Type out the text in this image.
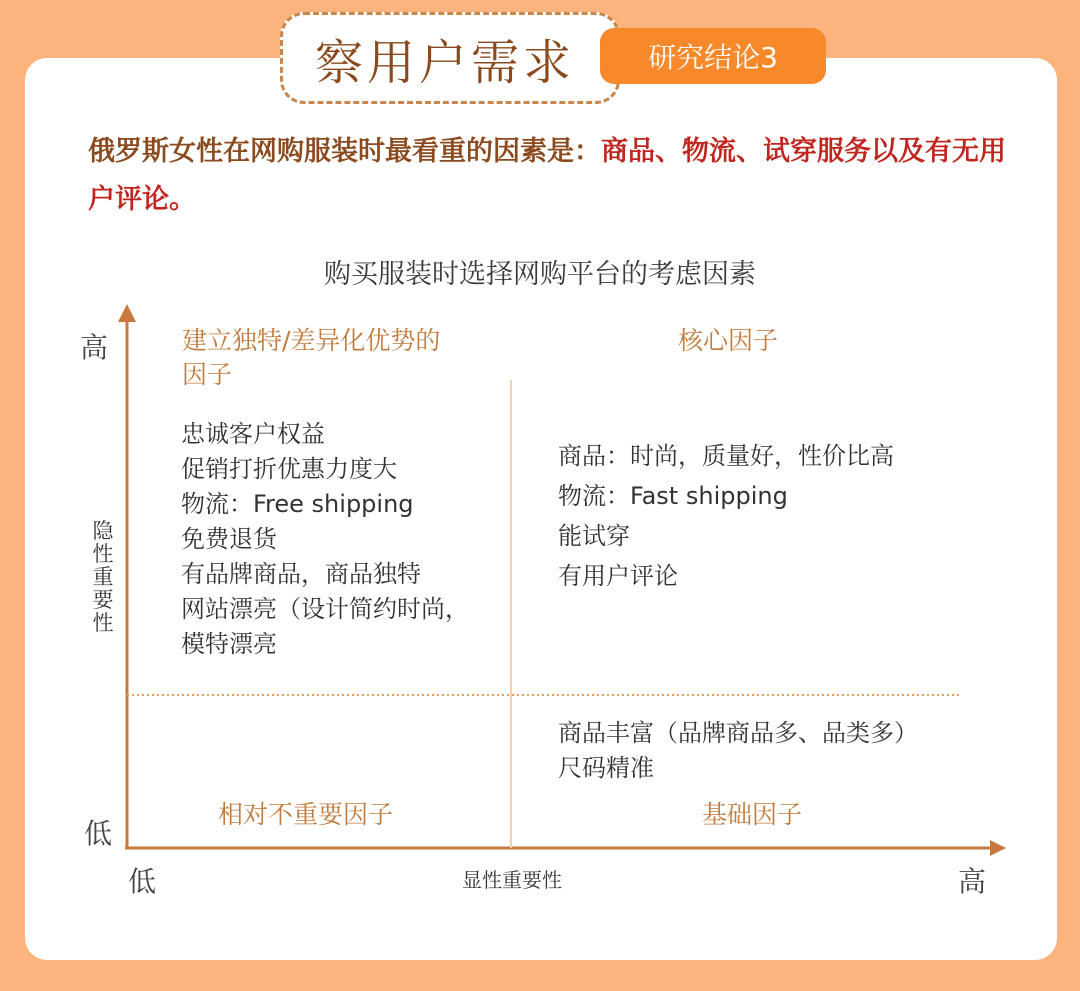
察用户需求	研究结论3
俄罗斯女性在网购服装时最看重的因素是：商品、物流、试穿服务以及有无用户评论。
购买服装时选择网购平台的考虑因素
高
低
低	高
隐性重要性
显性重要性
建立独特/差异化优势的因子
核心因子
相对不重要因子	基础因子
忠诚客户权益
促销打折优惠力度大
物流：Free shipping
免费退货
有品牌商品，商品独特
网站漂亮（设计简约时尚，模特漂亮
商品：时尚，质量好，性价比高
物流：Fast shipping
能试穿
有用户评论
商品丰富（品牌商品多、品类多）
尺码精准
